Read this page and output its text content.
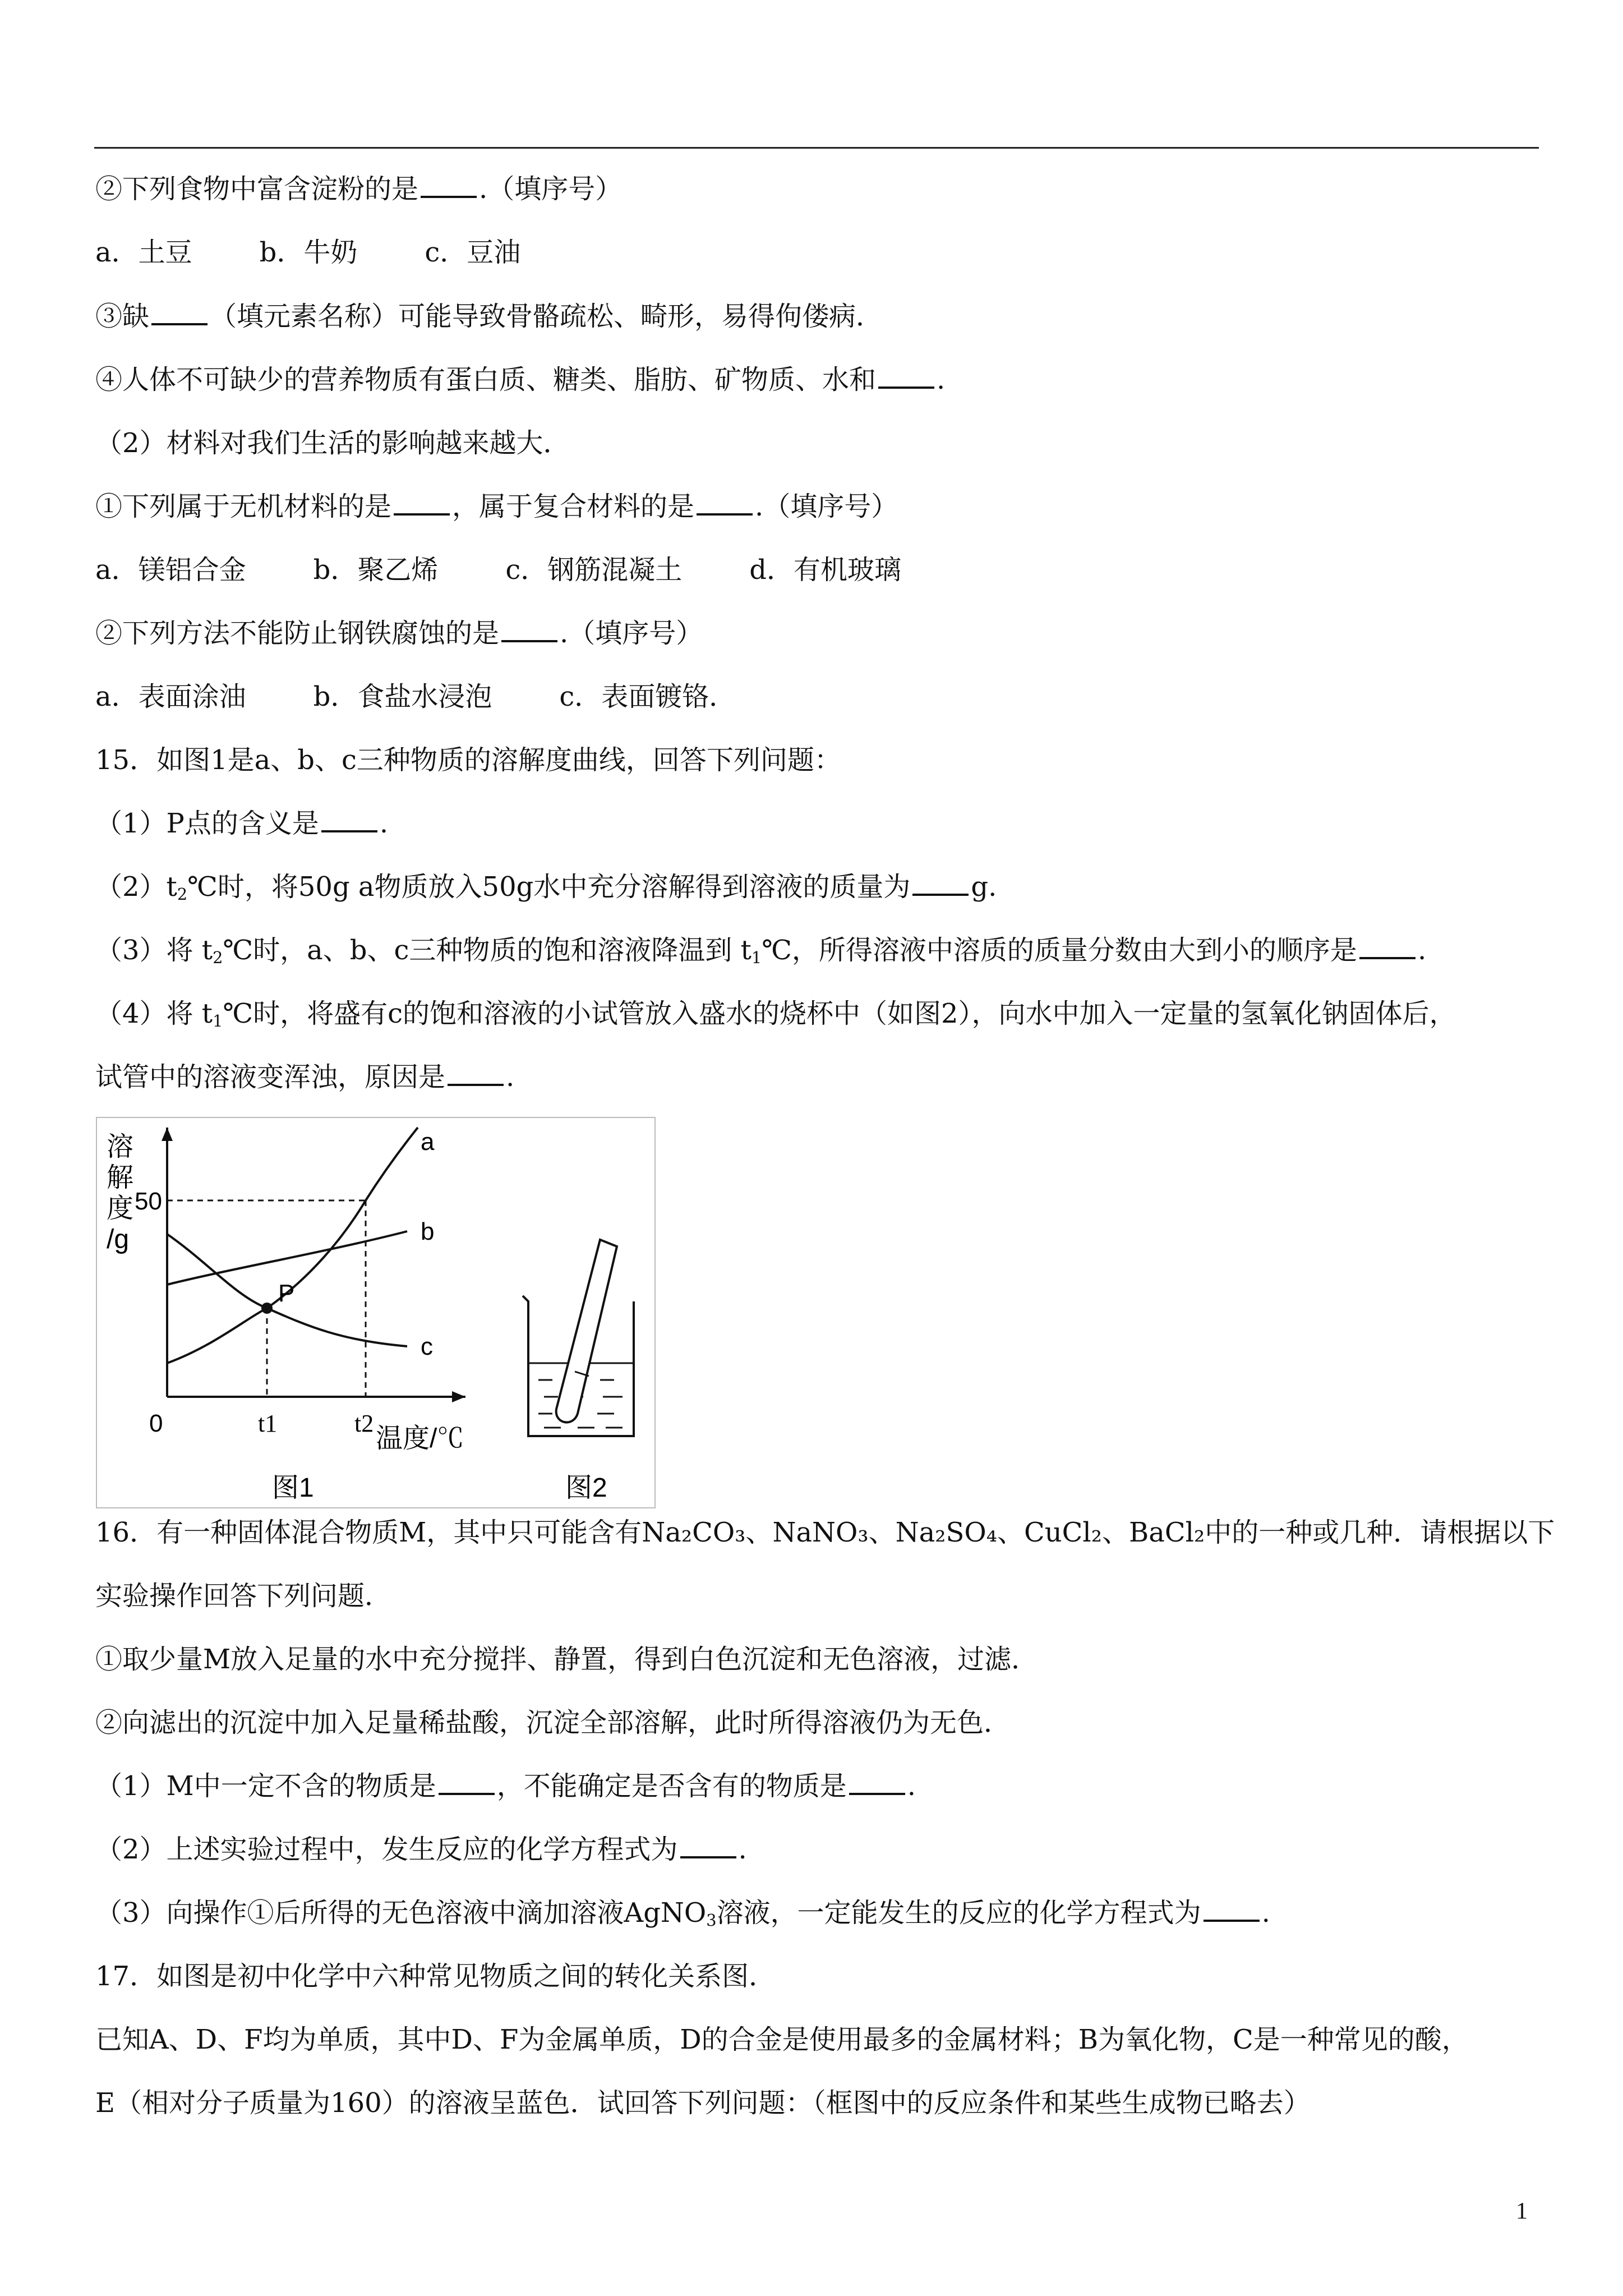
②下列食物中富含淀粉的是 .（填序号）
a．土豆	b．牛奶	c．豆油
③缺 （填元素名称）可能导致骨骼疏松、畸形，易得佝偻病．
④人体不可缺少的营养物质有蛋白质、糖类、脂肪、矿物质、水和 .
（2）材料对我们生活的影响越来越大．
①下列属于无机材料的是 ，属于复合材料的是 .（填序号）
a．镁铝合金	b．聚乙烯	c．钢筋混凝土	d．有机玻璃
②下列方法不能防止钢铁腐蚀的是 .（填序号）
a．表面涂油	b．食盐水浸泡	c．表面镀铬．
15．如图1是a、b、c三种物质的溶解度曲线，回答下列问题：
（1）P点的含义是 .
$(2)t_2℃$时，将50g a物质放入50g水中充分溶解得到溶液的质量为 g.
（3）将 $t_2℃$时，a、b、c三种物质的饱和溶液降温到 $t_1℃$，所得溶液中溶质的质量分数由大到小的顺序是 .
（4）将 $t_1℃$时，将盛有c的饱和溶液的小试管放入盛水的烧杯中（如图2），向水中加入一定量的氢氧化钠固体后，
试管中的溶液变浑浊，原因是 .
溶
解
度
/g
50
0	t1	t2
温度/℃
a
b
c
P
图1	图2
16．有一种固体混合物质M，其中只可能含有Na₂CO₃、NaNO₃、Na₂SO₄、CuCl₂、BaCl₂中的一种或几种．请根据以下
实验操作回答下列问题．
①取少量M放入足量的水中充分搅拌、静置，得到白色沉淀和无色溶液，过滤．
②向滤出的沉淀中加入足量稀盐酸，沉淀全部溶解，此时所得溶液仍为无色．
（1）M中一定不含的物质是 ，不能确定是否含有的物质是 .
（2）上述实验过程中，发生反应的化学方程式为 .
（3）向操作①后所得的无色溶液中滴加溶液AgNO$_3$溶液，一定能发生的反应的化学方程式为 .
17．如图是初中化学中六种常见物质之间的转化关系图．
已知A、D、F均为单质，其中D、F为金属单质，D的合金是使用最多的金属材料；B为氧化物，C是一种常见的酸，
E（相对分子质量为160）的溶液呈蓝色．试回答下列问题：（框图中的反应条件和某些生成物已略去）
1
